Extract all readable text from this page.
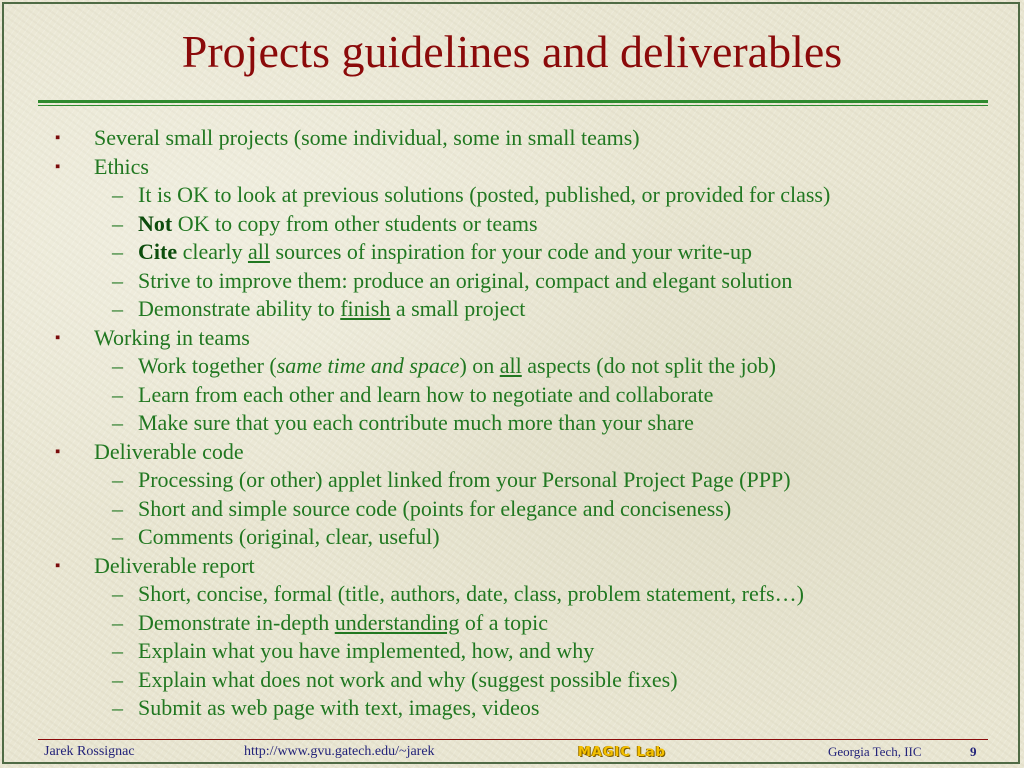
Projects guidelines and deliverables
▪ Several small projects (some individual, some in small teams)
▪ Ethics
– It is OK to look at previous solutions (posted, published, or provided for class)
– Not OK to copy from other students or teams
– Cite clearly all sources of inspiration for your code and your write-up
– Strive to improve them: produce an original, compact and elegant solution
– Demonstrate ability to finish a small project
▪ Working in teams
– Work together (same time and space) on all aspects (do not split the job)
– Learn from each other and learn how to negotiate and collaborate
– Make sure that you each contribute much more than your share
▪ Deliverable code
– Processing (or other) applet linked from your Personal Project Page (PPP)
– Short and simple source code (points for elegance and conciseness)
– Comments (original, clear, useful)
▪ Deliverable report
– Short, concise, formal (title, authors, date, class, problem statement, refs…)
– Demonstrate in-depth understanding of a topic
– Explain what you have implemented, how, and why
– Explain what does not work and why (suggest possible fixes)
– Submit as web page with text, images, videos
Jarek Rossignac	http://www.gvu.gatech.edu/~jarek	MAGIC Lab	Georgia Tech, IIC	9
